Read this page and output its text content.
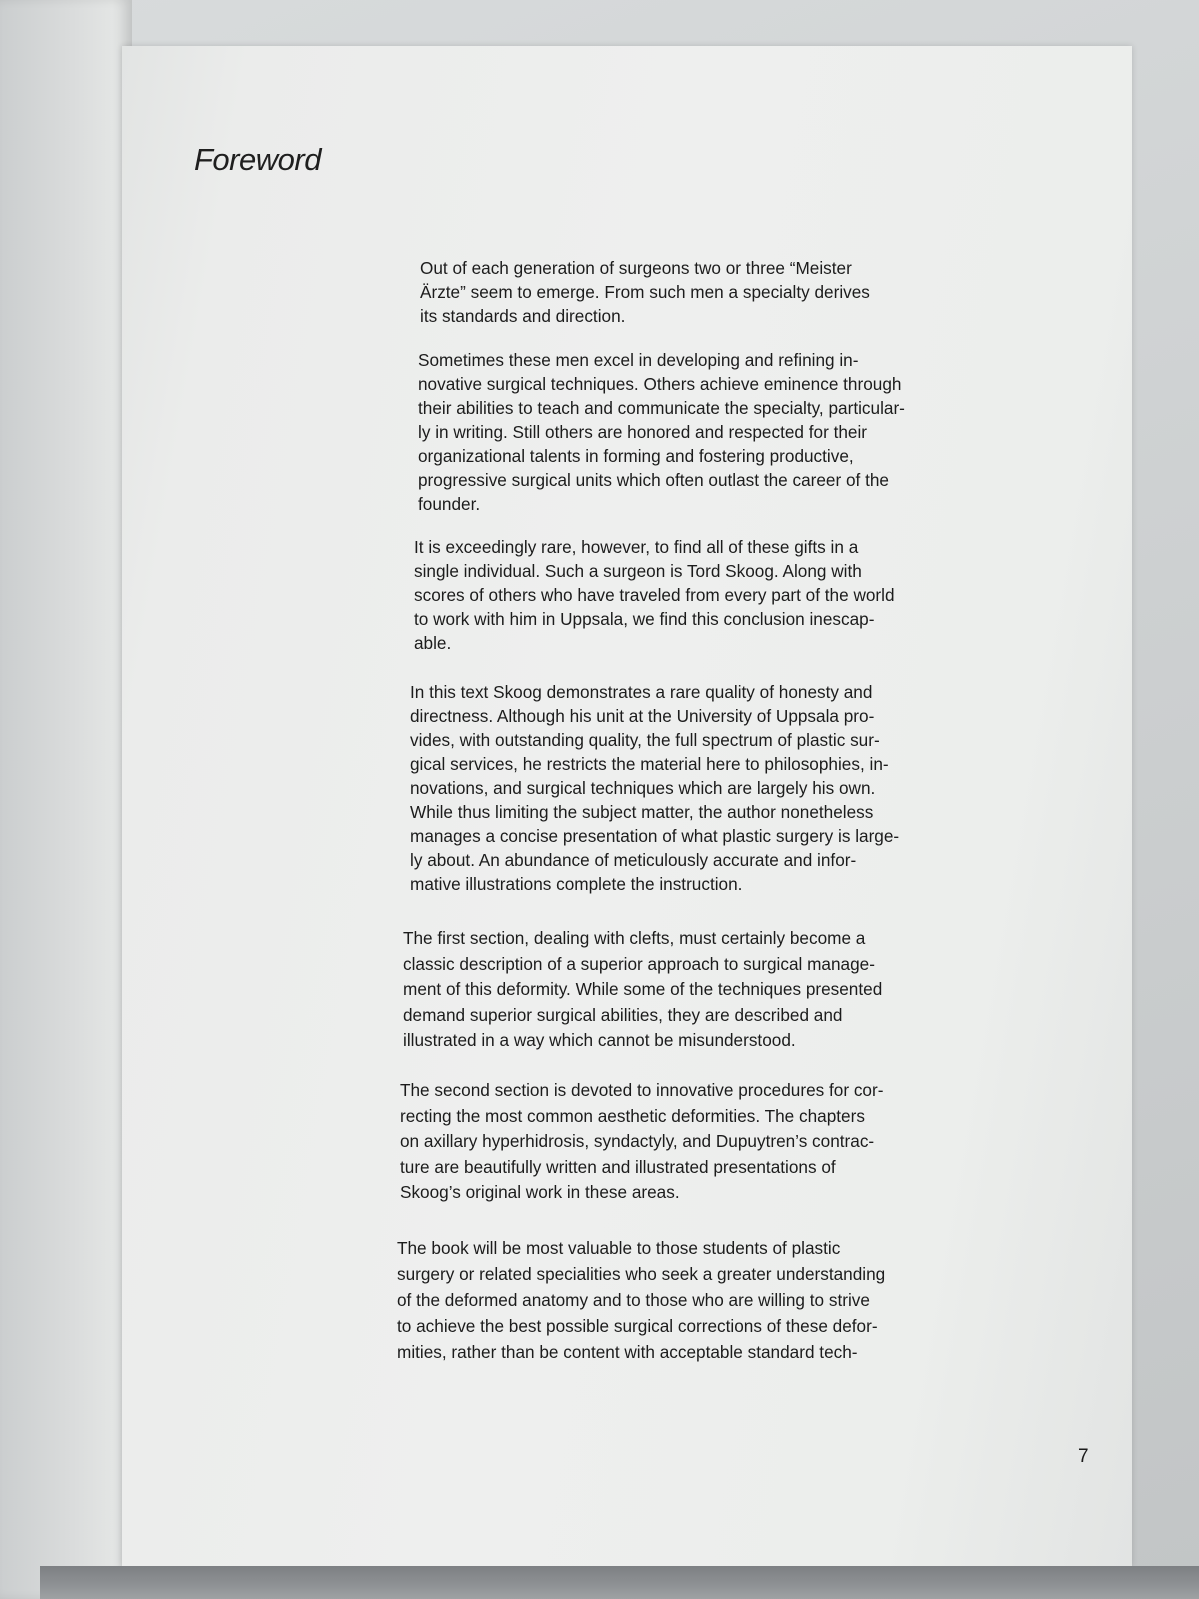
Foreword
Out of each generation of surgeons two or three “Meister
Ärzte” seem to emerge. From such men a specialty derives
its standards and direction.
Sometimes these men excel in developing and refining in-
novative surgical techniques. Others achieve eminence through
their abilities to teach and communicate the specialty, particular-
ly in writing. Still others are honored and respected for their
organizational talents in forming and fostering productive,
progressive surgical units which often outlast the career of the
founder.
It is exceedingly rare, however, to find all of these gifts in a
single individual. Such a surgeon is Tord Skoog. Along with
scores of others who have traveled from every part of the world
to work with him in Uppsala, we find this conclusion inescap-
able.
In this text Skoog demonstrates a rare quality of honesty and
directness. Although his unit at the University of Uppsala pro-
vides, with outstanding quality, the full spectrum of plastic sur-
gical services, he restricts the material here to philosophies, in-
novations, and surgical techniques which are largely his own.
While thus limiting the subject matter, the author nonetheless
manages a concise presentation of what plastic surgery is large-
ly about. An abundance of meticulously accurate and infor-
mative illustrations complete the instruction.
The first section, dealing with clefts, must certainly become a
classic description of a superior approach to surgical manage-
ment of this deformity. While some of the techniques presented
demand superior surgical abilities, they are described and
illustrated in a way which cannot be misunderstood.
The second section is devoted to innovative procedures for cor-
recting the most common aesthetic deformities. The chapters
on axillary hyperhidrosis, syndactyly, and Dupuytren’s contrac-
ture are beautifully written and illustrated presentations of
Skoog’s original work in these areas.
The book will be most valuable to those students of plastic
surgery or related specialities who seek a greater understanding
of the deformed anatomy and to those who are willing to strive
to achieve the best possible surgical corrections of these defor-
mities, rather than be content with acceptable standard tech-
7
